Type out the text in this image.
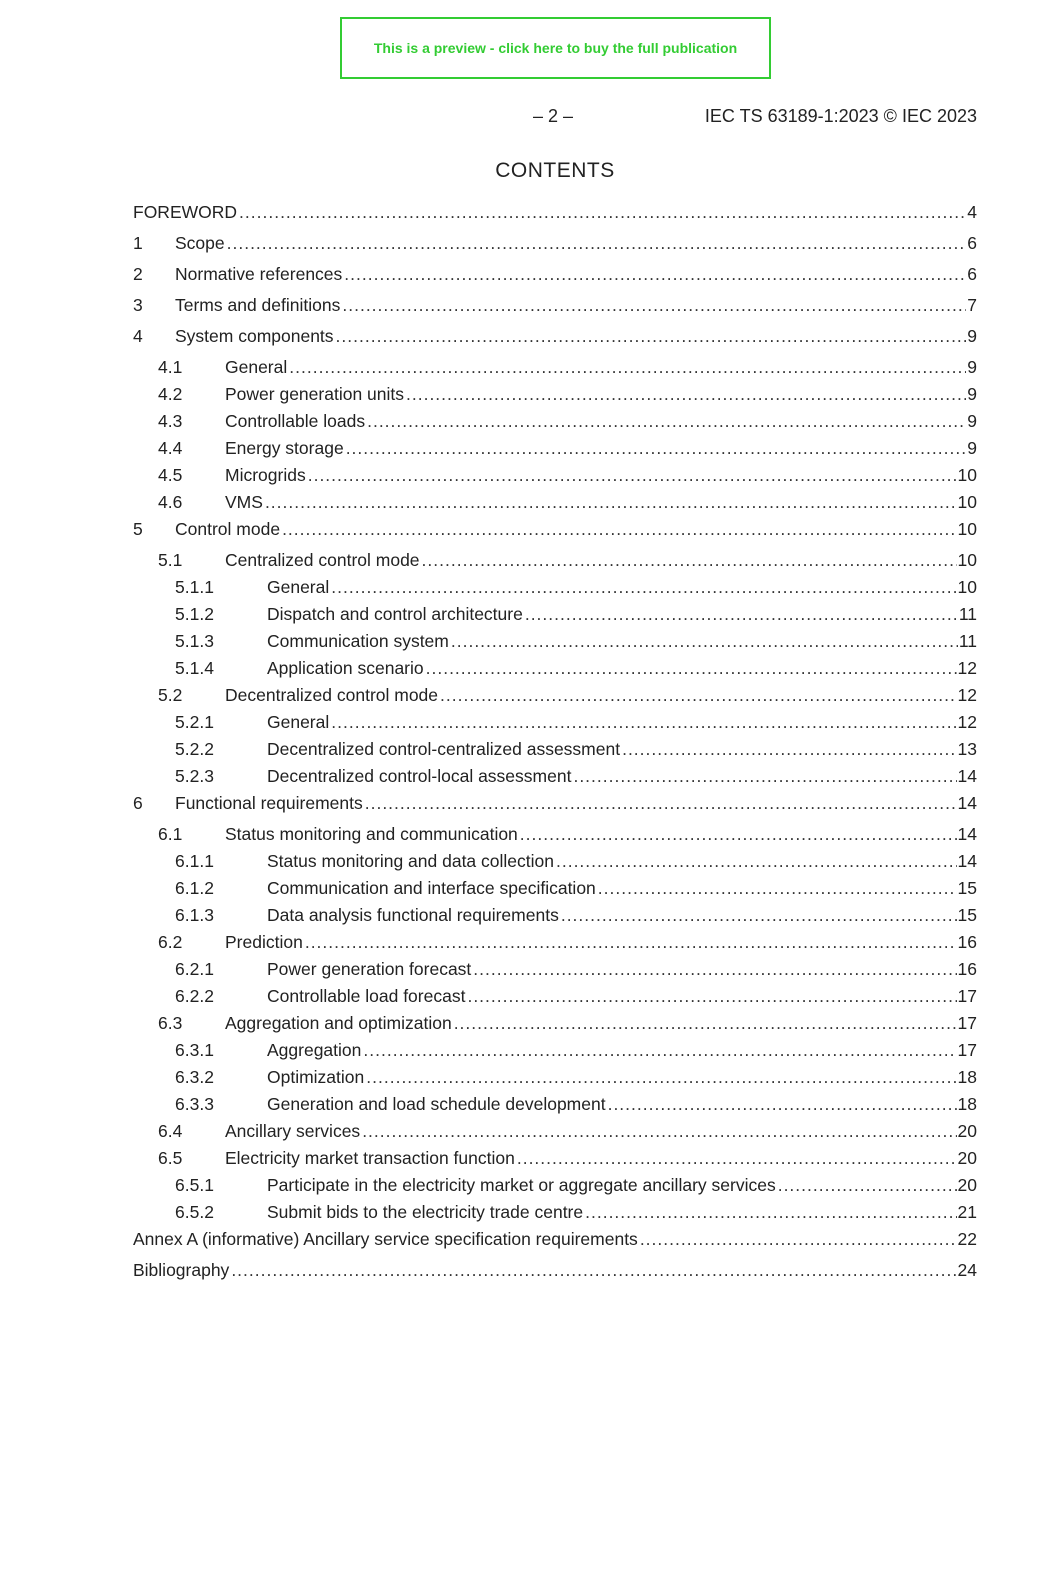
This is a preview - click here to buy the full publication
– 2 –	IEC TS 63189-1:2023 © IEC 2023
CONTENTS
FOREWORD .....	4
1	Scope .....	6
2	Normative references .....	6
3	Terms and definitions .....	7
4	System components .....	9
4.1	General .....	9
4.2	Power generation units .....	9
4.3	Controllable loads .....	9
4.4	Energy storage .....	9
4.5	Microgrids .....	10
4.6	VMS .....	10
5	Control mode .....	10
5.1	Centralized control mode .....	10
5.1.1	General .....	10
5.1.2	Dispatch and control architecture .....	11
5.1.3	Communication system .....	11
5.1.4	Application scenario .....	12
5.2	Decentralized control mode .....	12
5.2.1	General .....	12
5.2.2	Decentralized control-centralized assessment .....	13
5.2.3	Decentralized control-local assessment .....	14
6	Functional requirements .....	14
6.1	Status monitoring and communication .....	14
6.1.1	Status monitoring and data collection .....	14
6.1.2	Communication and interface specification .....	15
6.1.3	Data analysis functional requirements .....	15
6.2	Prediction .....	16
6.2.1	Power generation forecast .....	16
6.2.2	Controllable load forecast .....	17
6.3	Aggregation and optimization .....	17
6.3.1	Aggregation .....	17
6.3.2	Optimization .....	18
6.3.3	Generation and load schedule development .....	18
6.4	Ancillary services .....	20
6.5	Electricity market transaction function .....	20
6.5.1	Participate in the electricity market or aggregate ancillary services .....	20
6.5.2	Submit bids to the electricity trade centre .....	21
Annex A (informative) Ancillary service specification requirements .....	22
Bibliography .....	24
